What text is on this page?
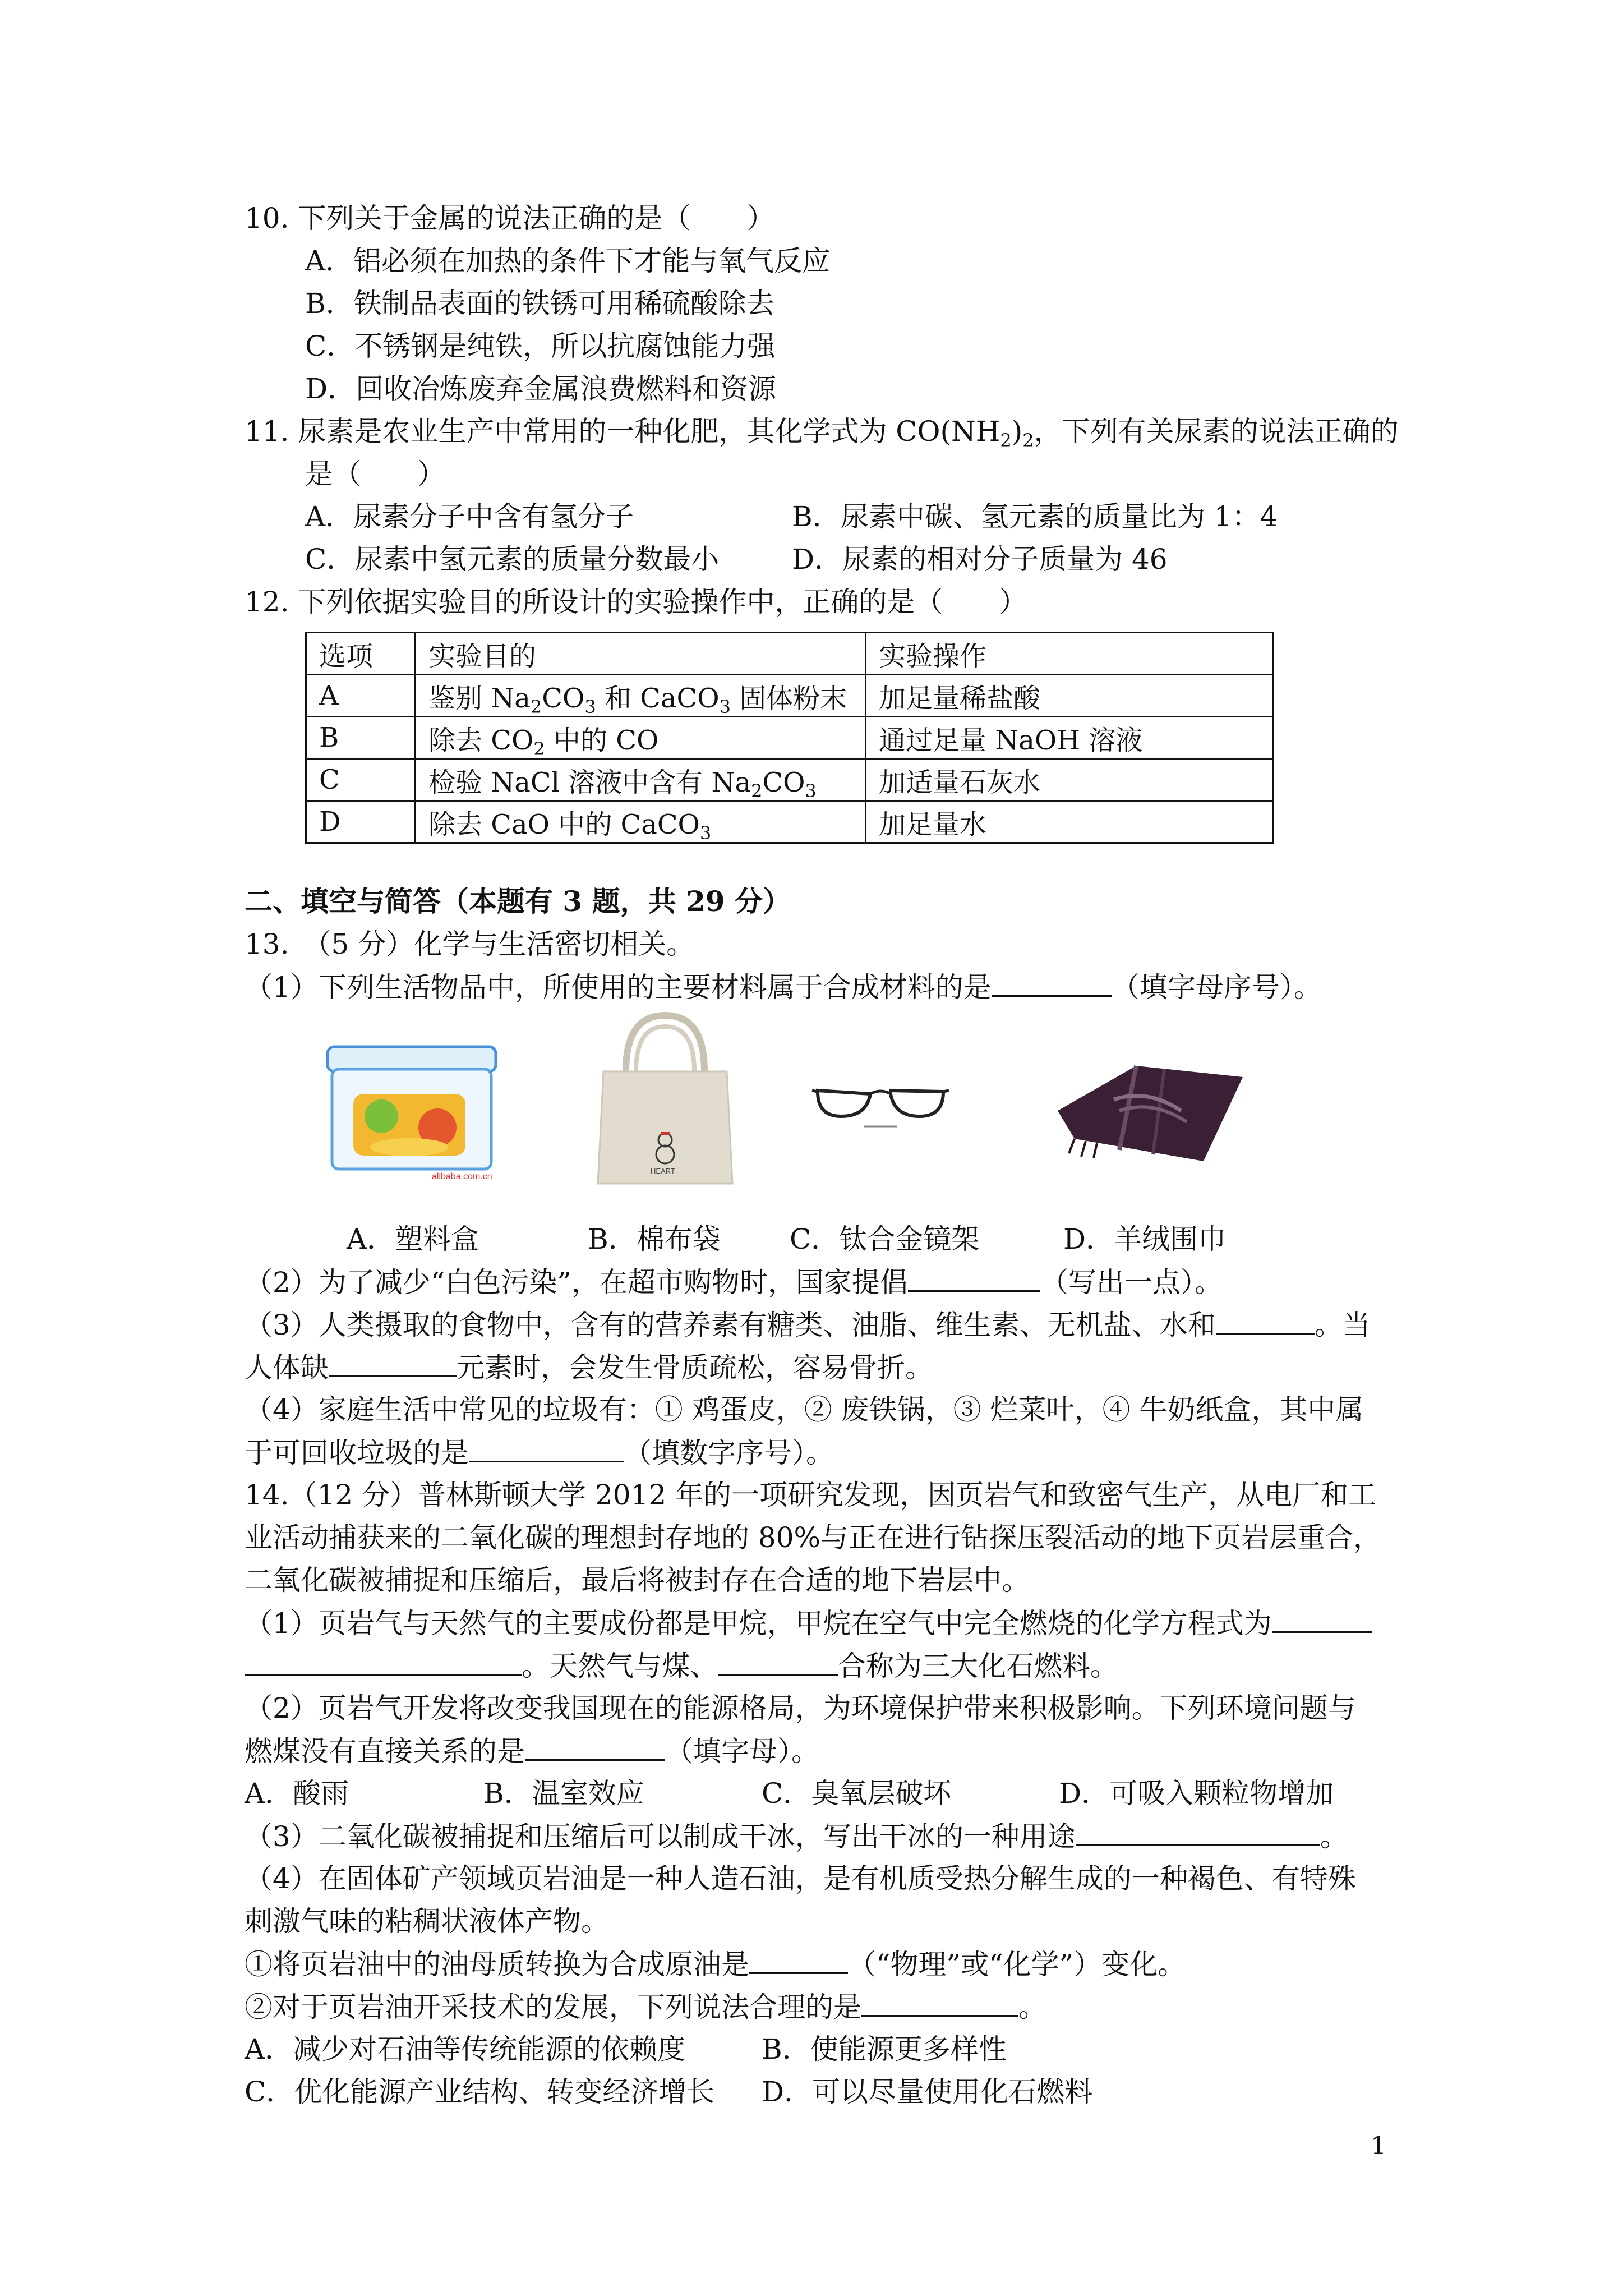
10. 下列关于金属的说法正确的是（　　）
A．铝必须在加热的条件下才能与氧气反应
B．铁制品表面的铁锈可用稀硫酸除去
C．不锈钢是纯铁，所以抗腐蚀能力强
D．回收冶炼废弃金属浪费燃料和资源
11. 尿素是农业生产中常用的一种化肥，其化学式为 $CO(NH_2)_2$，下列有关尿素的说法正确的
是（　　）
A．尿素分子中含有氢分子	B．尿素中碳、氢元素的质量比为 1：4
C．尿素中氢元素的质量分数最小	D．尿素的相对分子质量为 46
12. 下列依据实验目的所设计的实验操作中，正确的是（　　）
选项	实验目的	实验操作
A	鉴别 $Na_2CO_3$ 和 CaCO$_3$ 固体粉末	加足量稀盐酸
B	除去 $CO_2$ 中的 CO	通过足量 NaOH 溶液
C	检验 NaCl 溶液中含有 $Na_2CO_3$	加适量石灰水
D	除去 CaO 中的 CaCO$_3$	加足量水
二、填空与简答（本题有 3 题，共 29 分）
13.　（5 分）化学与生活密切相关。
（1）下列生活物品中，所使用的主要材料属于合成材料的是	（填字母序号）。
alibaba.com.cn
HEART
A．塑料盒	B．棉布袋 C．钛合金镜架	D．羊绒围巾
（2）为了减少“白色污染”，在超市购物时，国家提倡	（写出一点）。
（3）人类摄取的食物中，含有的营养素有糖类、油脂、维生素、无机盐、水和	。当
人体缺	元素时，会发生骨质疏松，容易骨折。
（4）家庭生活中常见的垃圾有：① 鸡蛋皮，② 废铁锅，③ 烂菜叶，④ 牛奶纸盒，其中属
于可回收垃圾的是	（填数字序号）。
14.（12 分）普林斯顿大学 2012 年的一项研究发现，因页岩气和致密气生产，从电厂和工
业活动捕获来的二氧化碳的理想封存地的 80%与正在进行钻探压裂活动的地下页岩层重合，
二氧化碳被捕捉和压缩后，最后将被封存在合适的地下岩层中。
（1）页岩气与天然气的主要成份都是甲烷，甲烷在空气中完全燃烧的化学方程式为
。天然气与煤、	合称为三大化石燃料。
（2）页岩气开发将改变我国现在的能源格局，为环境保护带来积极影响。下列环境问题与
燃煤没有直接关系的是	（填字母）。
A．酸雨	B．温室效应	C．臭氧层破坏	D．可吸入颗粒物增加
（3）二氧化碳被捕捉和压缩后可以制成干冰，写出干冰的一种用途	。
（4）在固体矿产领域页岩油是一种人造石油，是有机质受热分解生成的一种褐色、有特殊
刺激气味的粘稠状液体产物。
①将页岩油中的油母质转换为合成原油是	（“物理”或“化学”）变化。
②对于页岩油开采技术的发展，下列说法合理的是	。
A．减少对石油等传统能源的依赖度	B．使能源更多样性
C．优化能源产业结构、转变经济增长 D．可以尽量使用化石燃料
1
